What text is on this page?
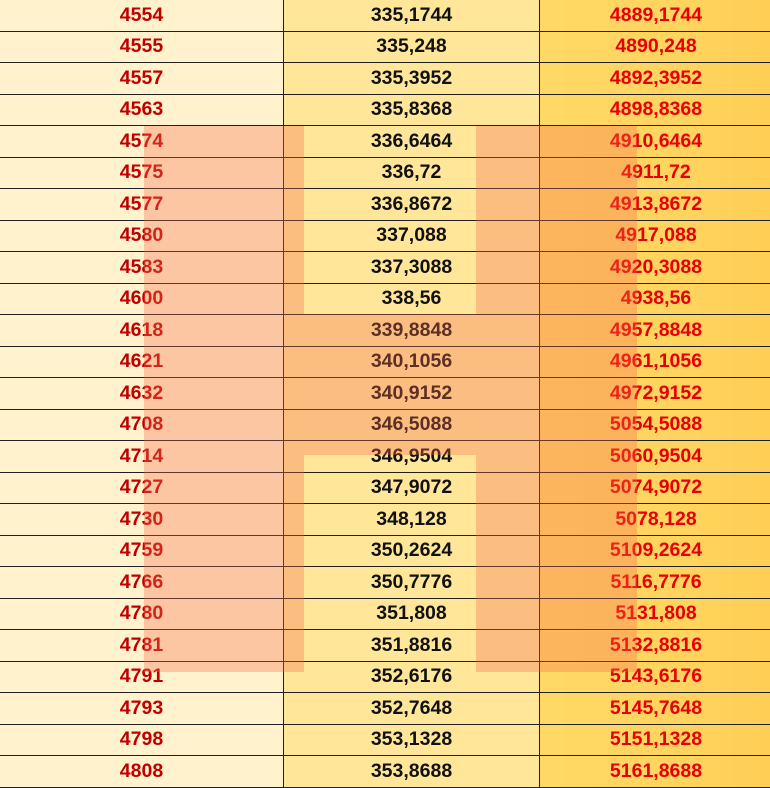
4554	335,1744	4889,1744
4555	335,248	4890,248
4557	335,3952	4892,3952
4563	335,8368	4898,8368
4574	336,6464	4910,6464
4575	336,72	4911,72
4577	336,8672	4913,8672
4580	337,088	4917,088
4583	337,3088	4920,3088
4600	338,56	4938,56
4618	339,8848	4957,8848
4621	340,1056	4961,1056
4632	340,9152	4972,9152
4708	346,5088	5054,5088
4714	346,9504	5060,9504
4727	347,9072	5074,9072
4730	348,128	5078,128
4759	350,2624	5109,2624
4766	350,7776	5116,7776
4780	351,808	5131,808
4781	351,8816	5132,8816
4791	352,6176	5143,6176
4793	352,7648	5145,7648
4798	353,1328	5151,1328
4808	353,8688	5161,8688
